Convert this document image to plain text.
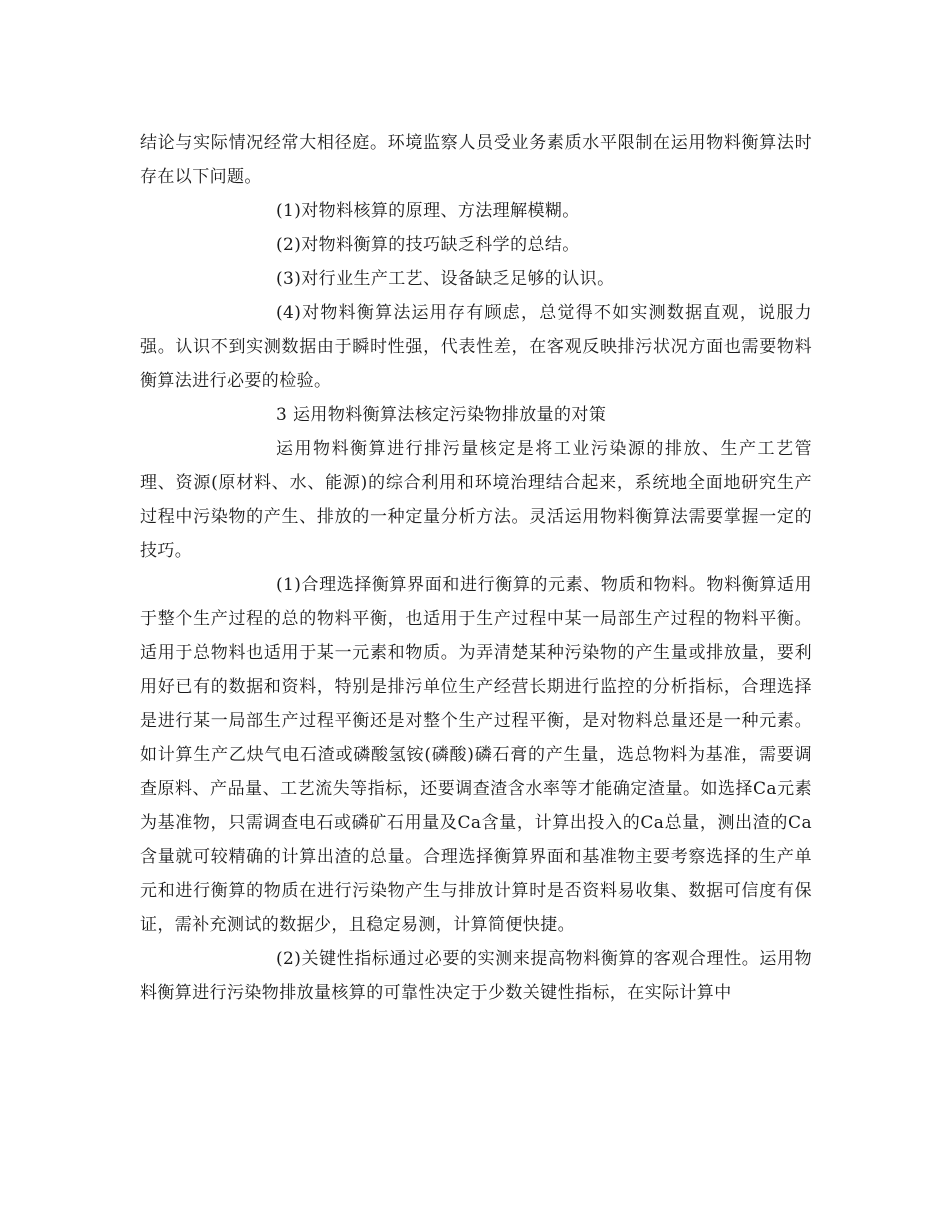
结论与实际情况经常大相径庭。环境监察人员受业务素质水平限制在运用物料衡算法时存在以下问题。

(1)对物料核算的原理、方法理解模糊。

(2)对物料衡算的技巧缺乏科学的总结。

(3)对行业生产工艺、设备缺乏足够的认识。

(4)对物料衡算法运用存有顾虑，总觉得不如实测数据直观，说服力强。认识不到实测数据由于瞬时性强，代表性差，在客观反映排污状况方面也需要物料衡算法进行必要的检验。

3 运用物料衡算法核定污染物排放量的对策

运用物料衡算进行排污量核定是将工业污染源的排放、生产工艺管理、资源(原材料、水、能源)的综合利用和环境治理结合起来，系统地全面地研究生产过程中污染物的产生、排放的一种定量分析方法。灵活运用物料衡算法需要掌握一定的技巧。

(1)合理选择衡算界面和进行衡算的元素、物质和物料。物料衡算适用于整个生产过程的总的物料平衡，也适用于生产过程中某一局部生产过程的物料平衡。适用于总物料也适用于某一元素和物质。为弄清楚某种污染物的产生量或排放量，要利用好已有的数据和资料，特别是排污单位生产经营长期进行监控的分析指标，合理选择是进行某一局部生产过程平衡还是对整个生产过程平衡，是对物料总量还是一种元素。如计算生产乙炔气电石渣或磷酸氢铵(磷酸)磷石膏的产生量，选总物料为基准，需要调查原料、产品量、工艺流失等指标，还要调查渣含水率等才能确定渣量。如选择Ca元素为基准物，只需调查电石或磷矿石用量及Ca含量，计算出投入的Ca总量，测出渣的Ca含量就可较精确的计算出渣的总量。合理选择衡算界面和基准物主要考察选择的生产单元和进行衡算的物质在进行污染物产生与排放计算时是否资料易收集、数据可信度有保证，需补充测试的数据少，且稳定易测，计算简便快捷。

(2)关键性指标通过必要的实测来提高物料衡算的客观合理性。运用物料衡算进行污染物排放量核算的可靠性决定于少数关键性指标，在实际计算中
